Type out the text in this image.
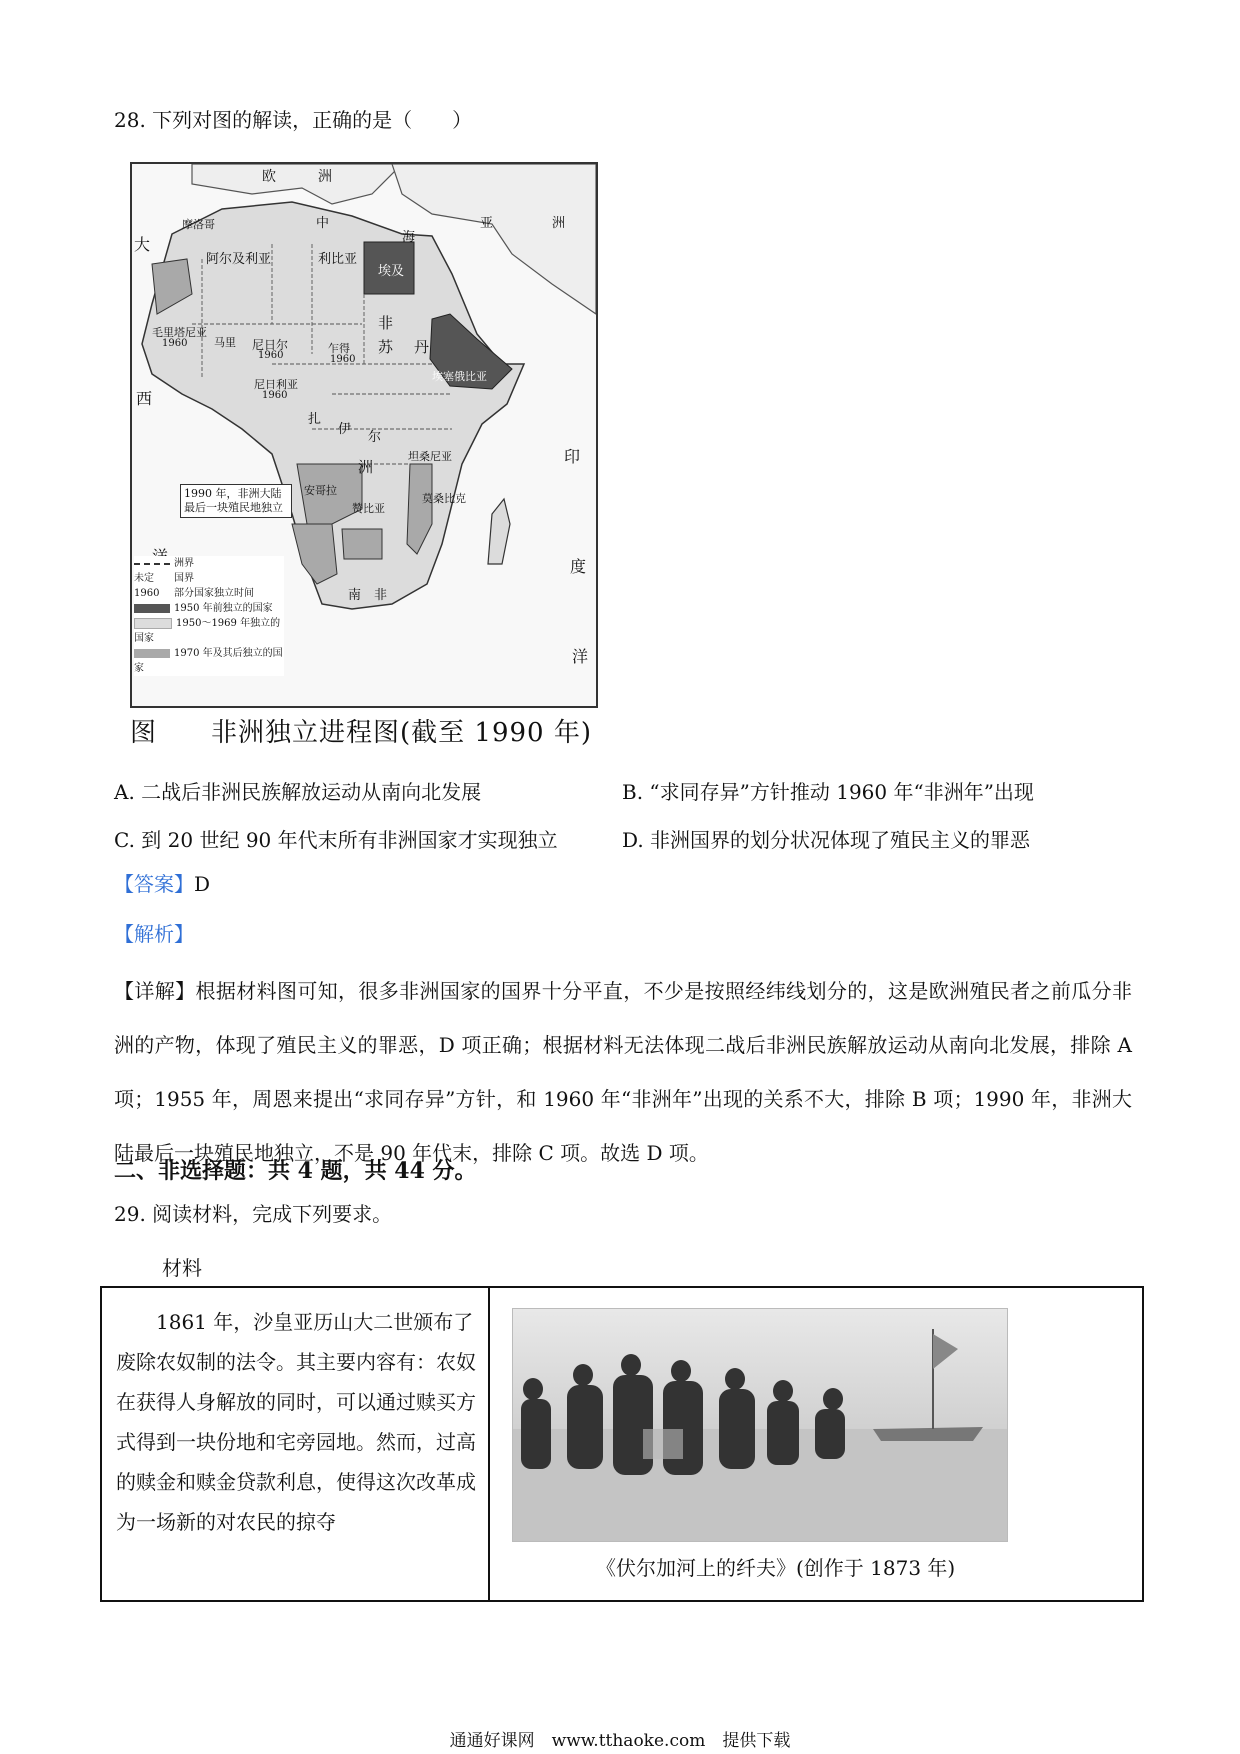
28. 下列对图的解读，正确的是（　　）
欧	洲
中
海
亚	洲
大
西
印
度
洋
摩洛哥
阿尔及利亚	利比亚
埃及
毛里塔尼亚
1960 马里 尼日尔
1960
乍得
1960
尼日利亚
1960
苏 丹
非
洲
埃塞俄比亚
扎
伊
尔
坦桑尼亚
安哥拉
赞比亚
莫桑比克
南　非
1990 年，非洲大陆最后一块殖民地独立
洲界
未定 国界
1960 部分国家独立时间
1950 年前独立的国家
1950～1969 年独立的国家
1970 年及其后独立的国家
图　　非洲独立进程图(截至 1990 年)
A. 二战后非洲民族解放运动从南向北发展	B. “求同存异”方针推动 1960 年“非洲年”出现
C. 到 20 世纪 90 年代末所有非洲国家才实现独立	D. 非洲国界的划分状况体现了殖民主义的罪恶
【答案】D
【解析】
【详解】根据材料图可知，很多非洲国家的国界十分平直，不少是按照经纬线划分的，这是欧洲殖民者之前瓜分非洲的产物，体现了殖民主义的罪恶，D 项正确；根据材料无法体现二战后非洲民族解放运动从南向北发展，排除 A 项；1955 年，周恩来提出“求同存异”方针，和 1960 年“非洲年”出现的关系不大，排除 B 项；1990 年，非洲大陆最后一块殖民地独立，不是 90 年代末，排除 C 项。故选 D 项。
二、非选择题：共 4 题，共 44 分。
29. 阅读材料，完成下列要求。
材料
1861 年，沙皇亚历山大二世颁布了废除农奴制的法令。其主要内容有：农奴在获得人身解放的同时，可以通过赎买方式得到一块份地和宅旁园地。然而，过高的赎金和赎金贷款利息，使得这次改革成为一场新的对农民的掠夺
《伏尔加河上的纤夫》(创作于 1873 年)
通通好课网　www.tthaoke.com　提供下载
